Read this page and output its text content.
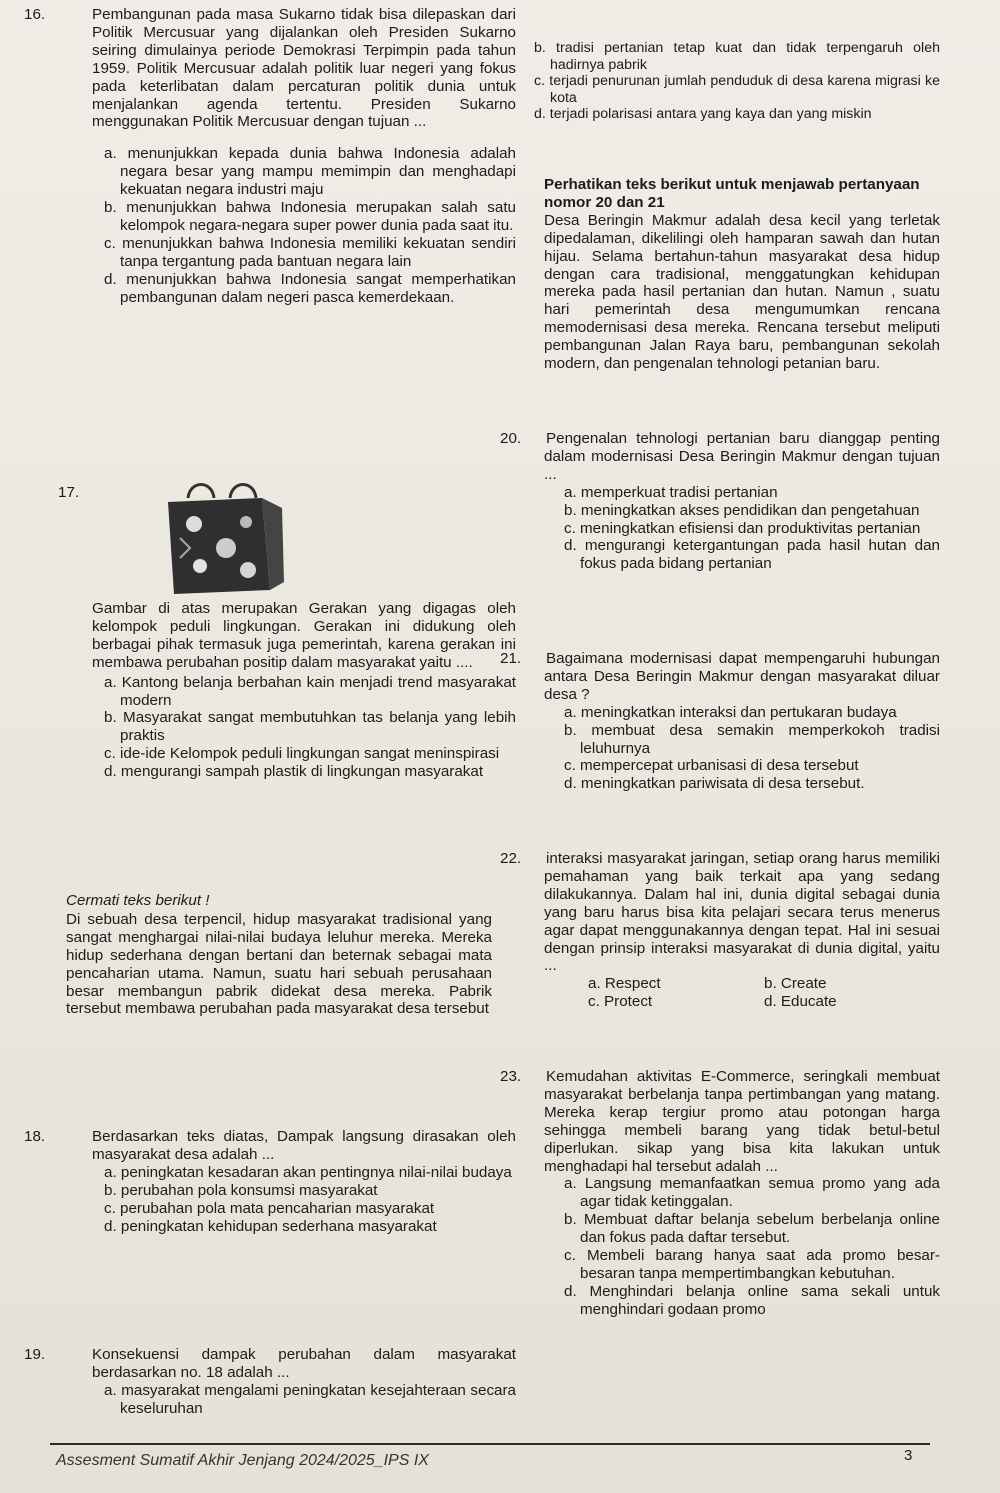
16.	Pembangunan pada masa Sukarno tidak bisa dilepaskan dari Politik Mercusuar yang dijalankan oleh Presiden Sukarno seiring dimulainya periode Demokrasi Terpimpin pada tahun 1959. Politik Mercusuar adalah politik luar negeri yang fokus pada keterlibatan dalam percaturan politik dunia untuk menjalankan agenda tertentu. Presiden Sukarno menggunakan Politik Mercusuar dengan tujuan ...
a. menunjukkan kepada dunia bahwa Indonesia adalah negara besar yang mampu memimpin dan menghadapi kekuatan negara industri maju
b. menunjukkan bahwa Indonesia merupakan salah satu kelompok negara-negara super power dunia pada saat itu.
c. menunjukkan bahwa Indonesia memiliki kekuatan sendiri tanpa tergantung pada bantuan negara lain
d. menunjukkan bahwa Indonesia sangat memperhatikan pembangunan dalam negeri pasca kemerdekaan.
17.
Gambar di atas merupakan Gerakan yang digagas oleh kelompok peduli lingkungan. Gerakan ini didukung oleh berbagai pihak termasuk juga pemerintah, karena gerakan ini membawa perubahan positip dalam masyarakat yaitu ....
a. Kantong belanja berbahan kain menjadi trend masyarakat modern
b. Masyarakat sangat membutuhkan tas belanja yang lebih praktis
c. ide-ide Kelompok peduli lingkungan sangat meninspirasi
d. mengurangi sampah plastik di lingkungan masyarakat
Cermati teks berikut !
Di sebuah desa terpencil, hidup masyarakat tradisional yang sangat menghargai nilai-nilai budaya leluhur mereka. Mereka hidup sederhana dengan bertani dan beternak sebagai mata pencaharian utama. Namun, suatu hari sebuah perusahaan besar membangun pabrik didekat desa mereka. Pabrik tersebut membawa perubahan pada masyarakat desa tersebut
18.	Berdasarkan teks diatas, Dampak langsung dirasakan oleh masyarakat desa adalah ...
a. peningkatan kesadaran akan pentingnya nilai-nilai budaya
b. perubahan pola konsumsi masyarakat
c. perubahan pola mata pencaharian masyarakat
d. peningkatan kehidupan sederhana masyarakat
19.	Konsekuensi dampak perubahan dalam masyarakat berdasarkan no. 18 adalah ...
a. masyarakat mengalami peningkatan kesejahteraan secara keseluruhan
b. tradisi pertanian tetap kuat dan tidak terpengaruh oleh hadirnya pabrik
c. terjadi penurunan jumlah penduduk di desa karena migrasi ke kota
d. terjadi polarisasi antara yang kaya dan yang miskin
Perhatikan teks berikut untuk menjawab pertanyaan nomor 20 dan 21
Desa Beringin Makmur adalah desa kecil yang terletak dipedalaman, dikelilingi oleh hamparan sawah dan hutan hijau. Selama bertahun-tahun masyarakat desa hidup dengan cara tradisional, menggatungkan kehidupan mereka pada hasil pertanian dan hutan. Namun , suatu hari pemerintah desa mengumumkan rencana memodernisasi desa mereka. Rencana tersebut meliputi pembangunan Jalan Raya baru, pembangunan sekolah modern, dan pengenalan tehnologi petanian baru.
20. Pengenalan tehnologi pertanian baru dianggap penting dalam modernisasi Desa Beringin Makmur dengan tujuan ...
a. memperkuat tradisi pertanian
b. meningkatkan akses pendidikan dan pengetahuan
c. meningkatkan efisiensi dan produktivitas pertanian
d. mengurangi ketergantungan pada hasil hutan dan fokus pada bidang pertanian
21. Bagaimana modernisasi dapat mempengaruhi hubungan antara Desa Beringin Makmur dengan masyarakat diluar desa ?
a. meningkatkan interaksi dan pertukaran budaya
b. membuat desa semakin memperkokoh tradisi leluhurnya
c. mempercepat urbanisasi di desa tersebut
d. meningkatkan pariwisata di desa tersebut.
22. interaksi masyarakat jaringan, setiap orang harus memiliki pemahaman yang baik terkait apa yang sedang dilakukannya. Dalam hal ini, dunia digital sebagai dunia yang baru harus bisa kita pelajari secara terus menerus agar dapat menggunakannya dengan tepat. Hal ini sesuai dengan prinsip interaksi masyarakat di dunia digital, yaitu ...
a. Respect	b. Create
c. Protect	d. Educate
23. Kemudahan aktivitas E-Commerce, seringkali membuat masyarakat berbelanja tanpa pertimbangan yang matang. Mereka kerap tergiur promo atau potongan harga sehingga membeli barang yang tidak betul-betul diperlukan. sikap yang bisa kita lakukan untuk menghadapi hal tersebut adalah ...
a. Langsung memanfaatkan semua promo yang ada agar tidak ketinggalan.
b. Membuat daftar belanja sebelum berbelanja online dan fokus pada daftar tersebut.
c. Membeli barang hanya saat ada promo besar-besaran tanpa mempertimbangkan kebutuhan.
d. Menghindari belanja online sama sekali untuk menghindari godaan promo
3
Assesment Sumatif Akhir Jenjang 2024/2025_IPS IX
